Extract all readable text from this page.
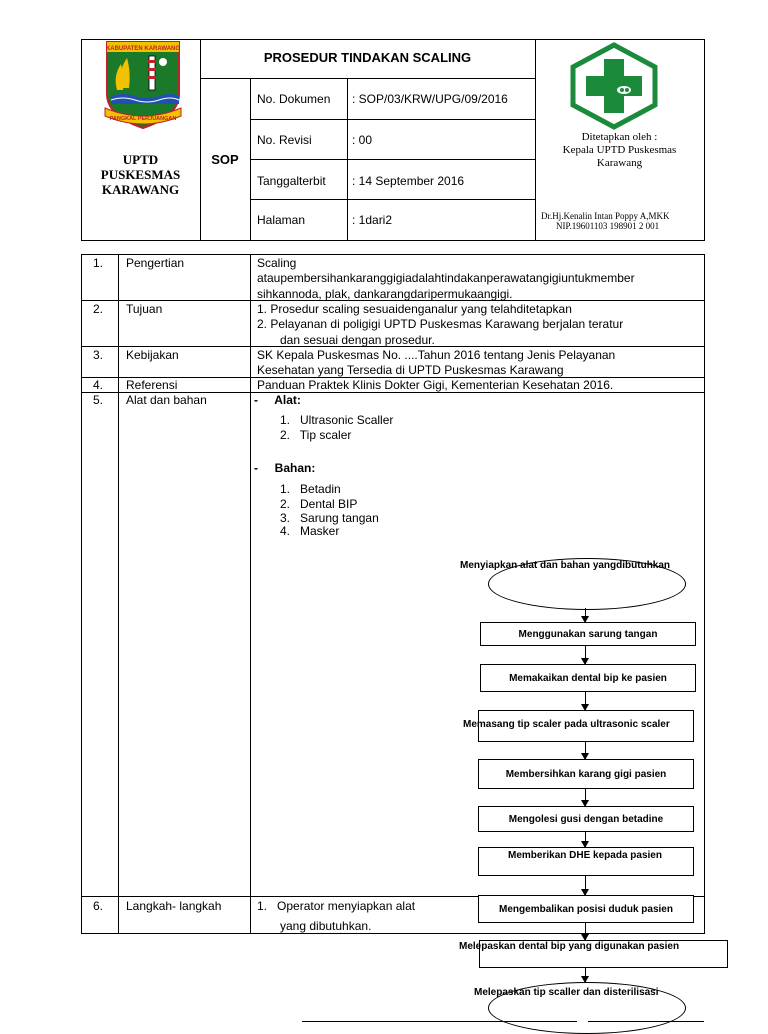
KABUPATEN KARAWANG
PANGKAL PERJUANGAN
UPTD
PUSKESMAS
KARAWANG
SOP
PROSEDUR TINDAKAN SCALING
No. Dokumen : SOP/03/KRW/UPG/09/2016
No. Revisi	: 00
Tanggalterbit : 14 September 2016
Halaman	: 1dari2
Ditetapkan oleh :
Kepala UPTD Puskesmas
Karawang
Dr.Hj.Kenalin Intan Poppy A,MKK
NIP.19601103 198901 2 001
1. Pengertian	Scaling
ataupembersihankaranggigiadalahtindakanperawatangigiuntukmember
sihkannoda, plak, dankarangdaripermukaangigi.
2. Tujuan	1. Prosedur scaling sesuaidenganalur yang telahditetapkan
2. Pelayanan di poligigi UPTD Puskesmas Karawang berjalan teratur
dan sesuai dengan prosedur.
3. Kebijakan	SK Kepala Puskesmas No. ....Tahun 2016 tentang Jenis Pelayanan
Kesehatan yang Tersedia di UPTD Puskesmas Karawang
4. Referensi	Panduan Praktek Klinis Dokter Gigi, Kementerian Kesehatan 2016.
5. Alat dan bahan	-     Alat:
1.   Ultrasonic Scaller
2.   Tip scaler
-     Bahan:
1.   Betadin
2.   Dental BIP
3.   Sarung tangan
4.   Masker
6. Langkah- langkah	1.   Operator menyiapkan alat
yang dibutuhkan.
Menyiapkan alat dan bahan yangdibutuhkan
Menggunakan sarung tangan
Memakaikan dental bip ke pasien
Memasang tip scaler pada ultrasonic scaler
Membersihkan karang gigi pasien
Mengolesi gusi dengan betadine
Memberikan DHE kepada pasien
Mengembalikan posisi duduk pasien
Melepaskan dental bip yang digunakan pasien
Melepaskan tip scaller dan disterilisasi
